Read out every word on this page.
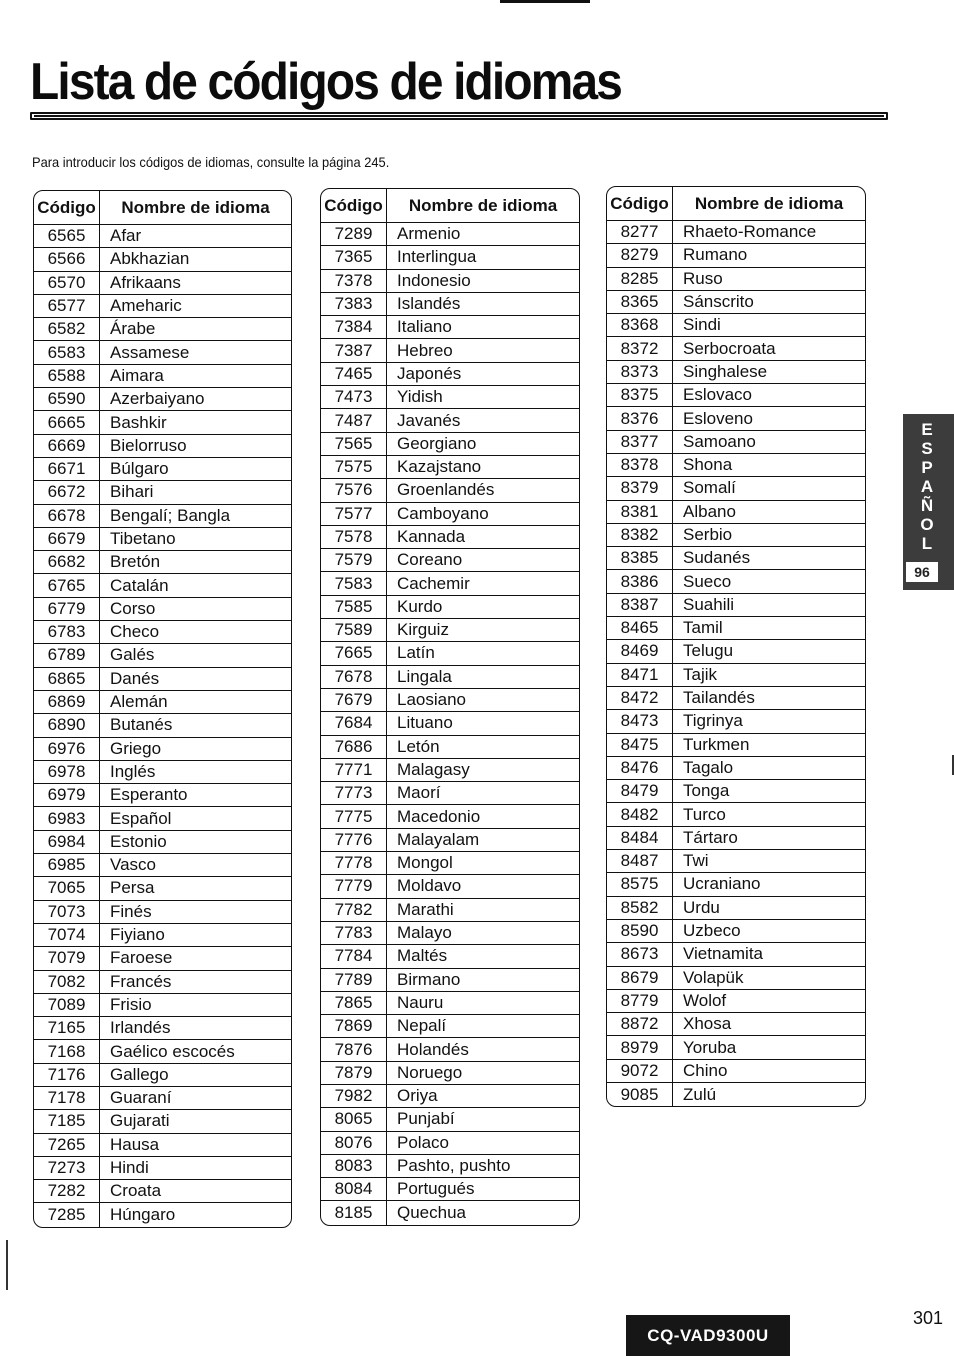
Lista de códigos de idiomas

Para introducir los códigos de idiomas, consulte la página 245.

Código	Nombre de idioma
6565	Afar
6566	Abkhazian
6570	Afrikaans
6577	Ameharic
6582	Árabe
6583	Assamese
6588	Aimara
6590	Azerbaiyano
6665	Bashkir
6669	Bielorruso
6671	Búlgaro
6672	Bihari
6678	Bengalí; Bangla
6679	Tibetano
6682	Bretón
6765	Catalán
6779	Corso
6783	Checo
6789	Galés
6865	Danés
6869	Alemán
6890	Butanés
6976	Griego
6978	Inglés
6979	Esperanto
6983	Español
6984	Estonio
6985	Vasco
7065	Persa
7073	Finés
7074	Fiyiano
7079	Faroese
7082	Francés
7089	Frisio
7165	Irlandés
7168	Gaélico escocés
7176	Gallego
7178	Guaraní
7185	Gujarati
7265	Hausa
7273	Hindi
7282	Croata
7285	Húngaro
Código	Nombre de idioma
7289	Armenio
7365	Interlingua
7378	Indonesio
7383	Islandés
7384	Italiano
7387	Hebreo
7465	Japonés
7473	Yidish
7487	Javanés
7565	Georgiano
7575	Kazajstano
7576	Groenlandés
7577	Camboyano
7578	Kannada
7579	Coreano
7583	Cachemir
7585	Kurdo
7589	Kirguiz
7665	Latín
7678	Lingala
7679	Laosiano
7684	Lituano
7686	Letón
7771	Malagasy
7773	Maorí
7775	Macedonio
7776	Malayalam
7778	Mongol
7779	Moldavo
7782	Marathi
7783	Malayo
7784	Maltés
7789	Birmano
7865	Nauru
7869	Nepalí
7876	Holandés
7879	Noruego
7982	Oriya
8065	Punjabí
8076	Polaco
8083	Pashto, pushto
8084	Portugués
8185	Quechua
Código	Nombre de idioma
8277	Rhaeto-Romance
8279	Rumano
8285	Ruso
8365	Sánscrito
8368	Sindi
8372	Serbocroata
8373	Singhalese
8375	Eslovaco
8376	Esloveno
8377	Samoano
8378	Shona
8379	Somalí
8381	Albano
8382	Serbio
8385	Sudanés
8386	Sueco
8387	Suahili
8465	Tamil
8469	Telugu
8471	Tajik
8472	Tailandés
8473	Tigrinya
8475	Turkmen
8476	Tagalo
8479	Tonga
8482	Turco
8484	Tártaro
8487	Twi
8575	Ucraniano
8582	Urdu
8590	Uzbeco
8673	Vietnamita
8679	Volapük
8779	Wolof
8872	Xhosa
8979	Yoruba
9072	Chino
9085	Zulú
E
S
P
A
Ñ
O
L
96
301
CQ-VAD9300U
